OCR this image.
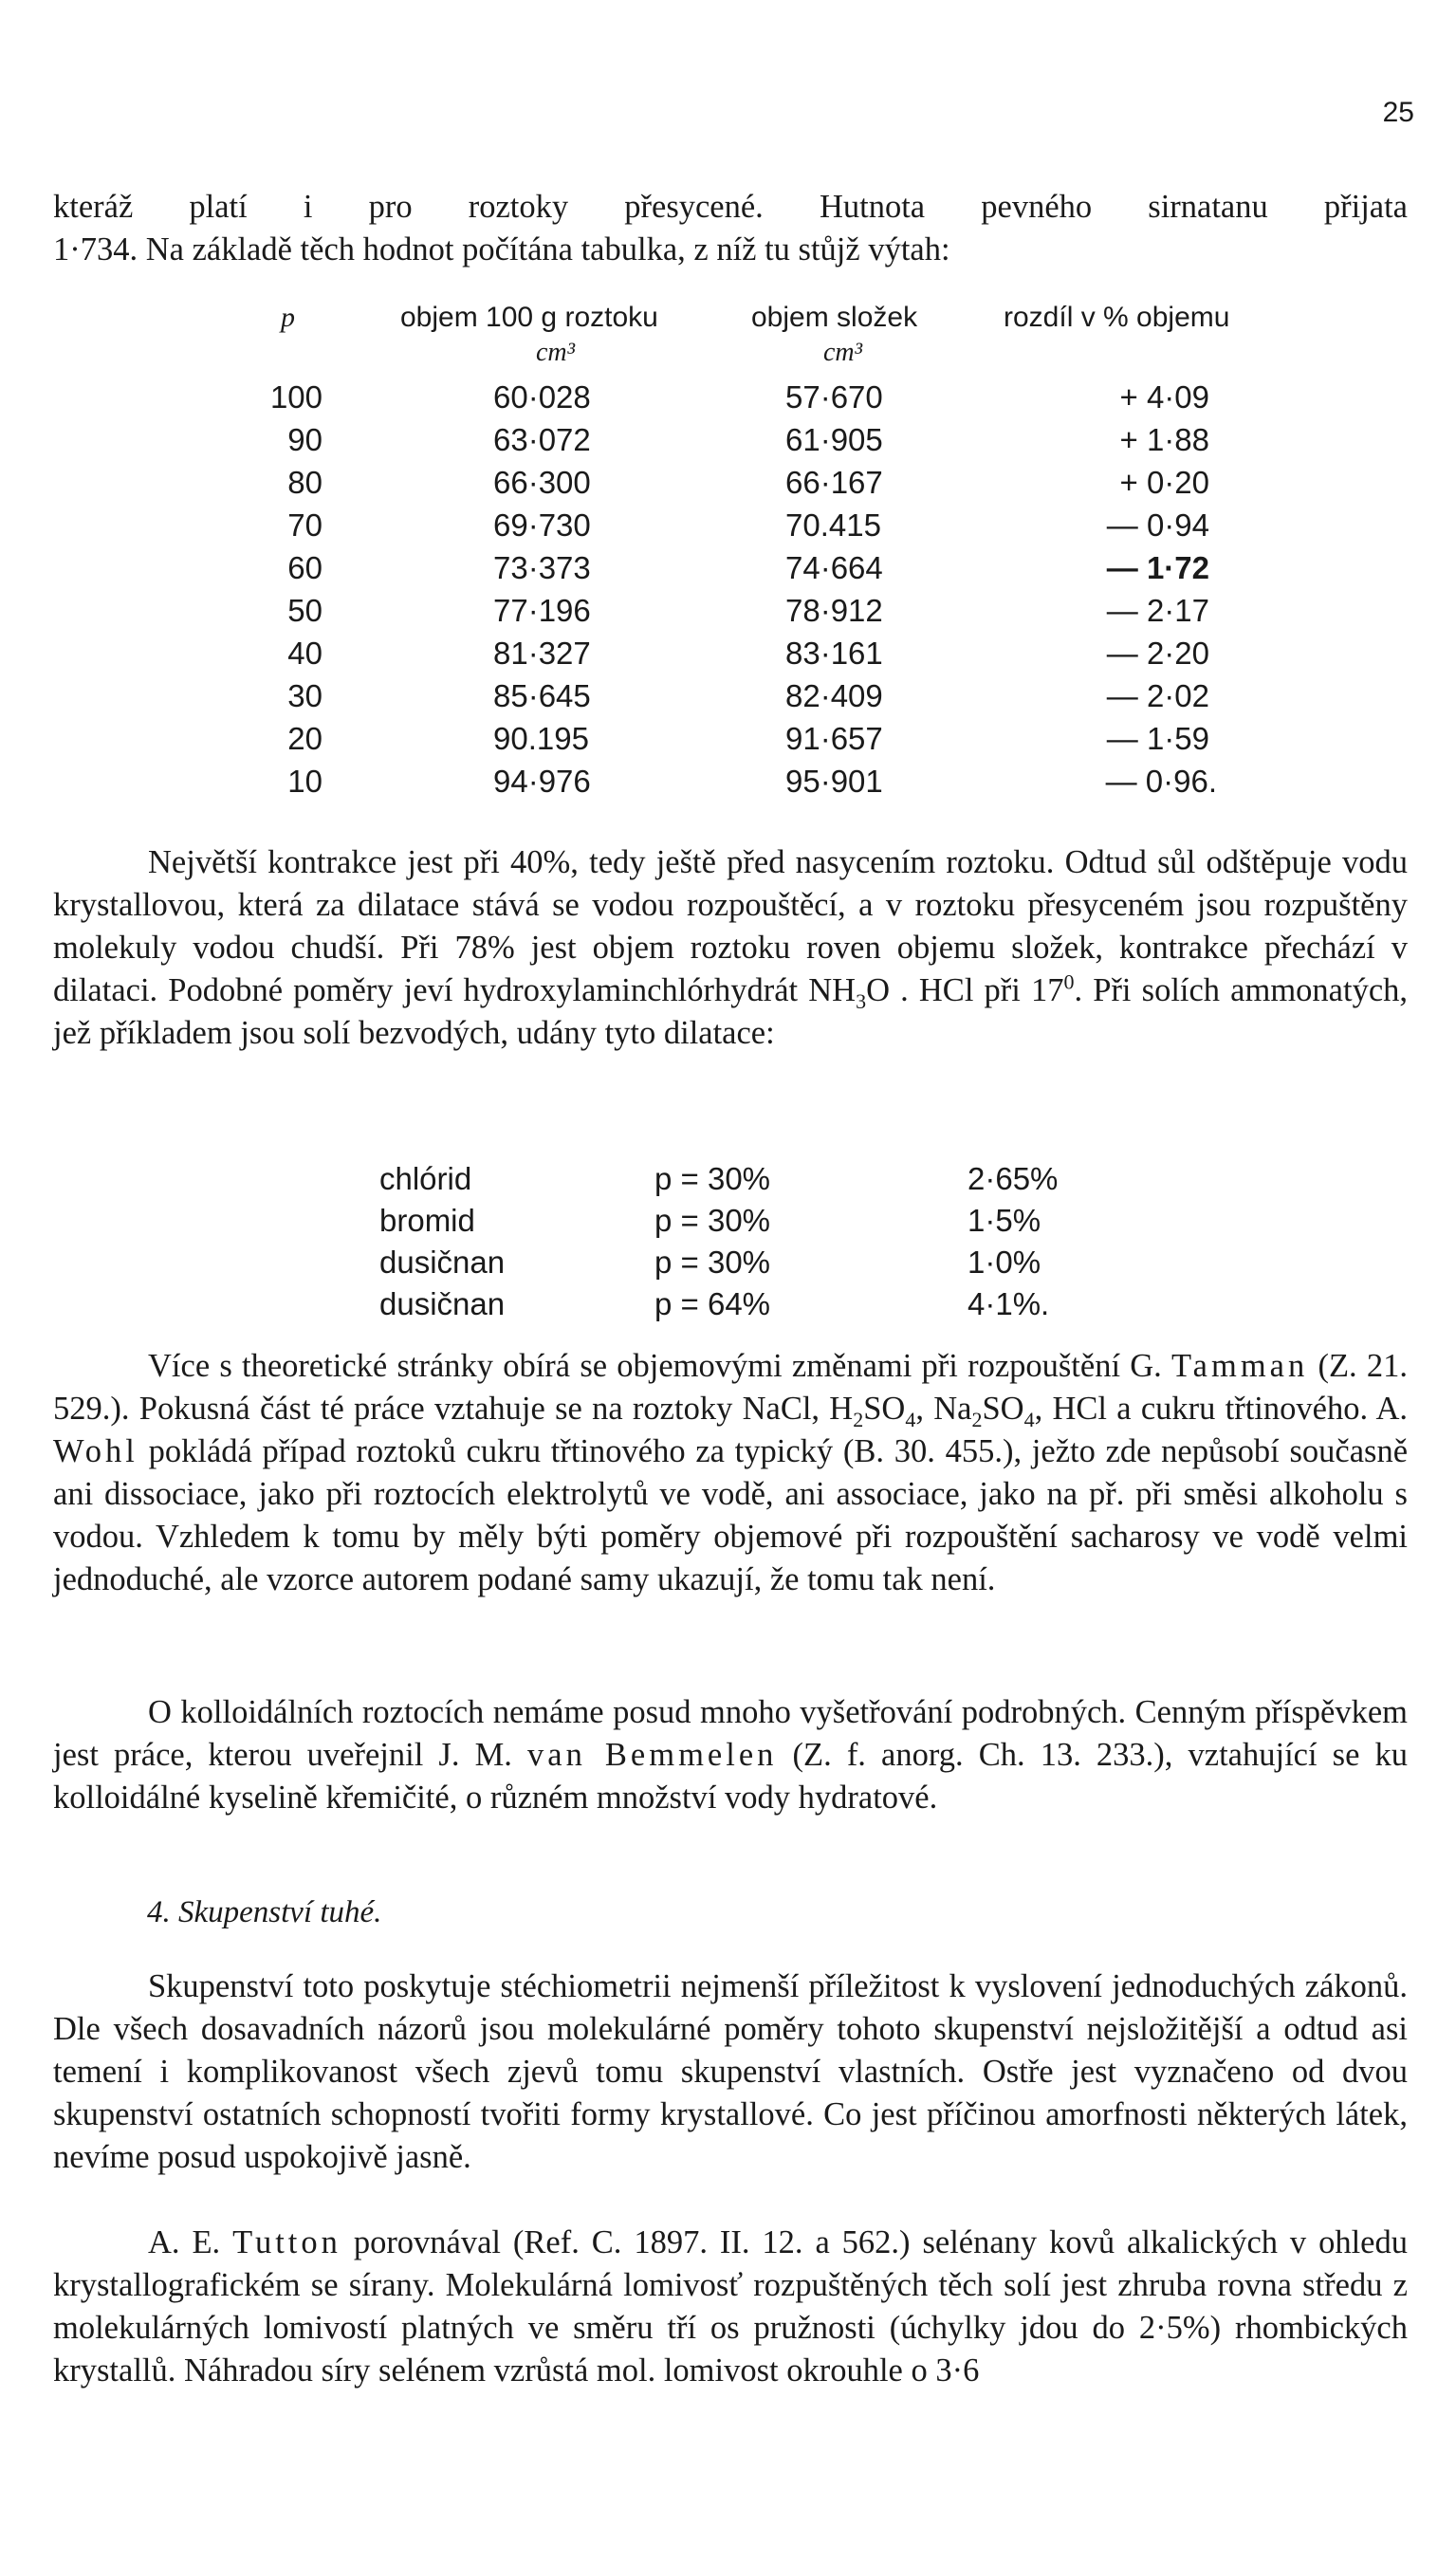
25
kteráž platí i pro roztoky přesycené. Hutnota pevného sirnatanu přijata
1·734. Na základě těch hodnot počítána tabulka, z níž tu stůjž výtah:
p	objem 100 g roztoku	objem složek	rozdíl v % objemu
cm³	cm³
100	60·028	57·670	+ 4·09
90	63·072	61·905	+ 1·88
80	66·300	66·167	+ 0·20
70	69·730	70.415	— 0·94
60	73·373	74·664	— 1·72
50	77·196	78·912	— 2·17
40	81·327	83·161	— 2·20
30	85·645	82·409	— 2·02
20	90.195	91·657	— 1·59
10	94·976	95·901	— 0·96.
Největší kontrakce jest při 40%, tedy ještě před nasycením roztoku. Odtud sůl odštěpuje vodu krystallovou, která za dilatace stává se vodou rozpouštěcí, a v roztoku přesyceném jsou rozpuštěny molekuly vodou chudší. Při 78% jest objem roztoku roven objemu složek, kontrakce přechází v dilataci. Podobné poměry jeví hydroxylaminchlórhydrát $NH_3O$ . HCl při $17^0$. Při solích ammonatých, jež příkladem jsou solí bezvodých, udány tyto dilatace:
chlórid	p = 30%	2·65%
bromid	p = 30%	1·5%
dusičnan	p = 30%	1·0%
dusičnan	p = 64%	4·1%.
Více s theoretické stránky obírá se objemovými změnami při rozpouštění G. Tamman (Z. 21. 529.). Pokusná část té práce vztahuje se na roztoky NaCl, $H_2SO_4$, $Na_2SO_4$, HCl a cukru třtinového. A. Wohl pokládá případ roztoků cukru třtinového za typický (B. 30. 455.), ježto zde nepůsobí současně ani dissociace, jako při roztocích elektrolytů ve vodě, ani associace, jako na př. při směsi alkoholu s vodou. Vzhledem k tomu by měly býti poměry objemové při rozpouštění sacharosy ve vodě velmi jednoduché, ale vzorce autorem podané samy ukazují, že tomu tak není.
O kolloidálních roztocích nemáme posud mnoho vyšetřování podrobných. Cenným příspěvkem jest práce, kterou uveřejnil J. M. van Bemmelen (Z. f. anorg. Ch. 13. 233.), vztahující se ku kolloidálné kyselině křemičité, o různém množství vody hydratové.
4. Skupenství tuhé.
Skupenství toto poskytuje stéchiometrii nejmenší příležitost k vyslovení jednoduchých zákonů. Dle všech dosavadních názorů jsou molekulárné poměry tohoto skupenství nejsložitější a odtud asi temení i komplikovanost všech zjevů tomu skupenství vlastních. Ostře jest vyznačeno od dvou skupenství ostatních schopností tvořiti formy krystallové. Co jest příčinou amorfnosti některých látek, nevíme posud uspokojivě jasně.
A. E. Tutton porovnával (Ref. C. 1897. II. 12. a 562.) selénany kovů alkalických v ohledu krystallografickém se sírany. Molekulárná lomivosť rozpuštěných těch solí jest zhruba rovna středu z molekulárných lomivostí platných ve směru tří os pružnosti (úchylky jdou do 2·5%) rhombických krystallů. Náhradou síry selénem vzrůstá mol. lomivost okrouhle o 3·6
